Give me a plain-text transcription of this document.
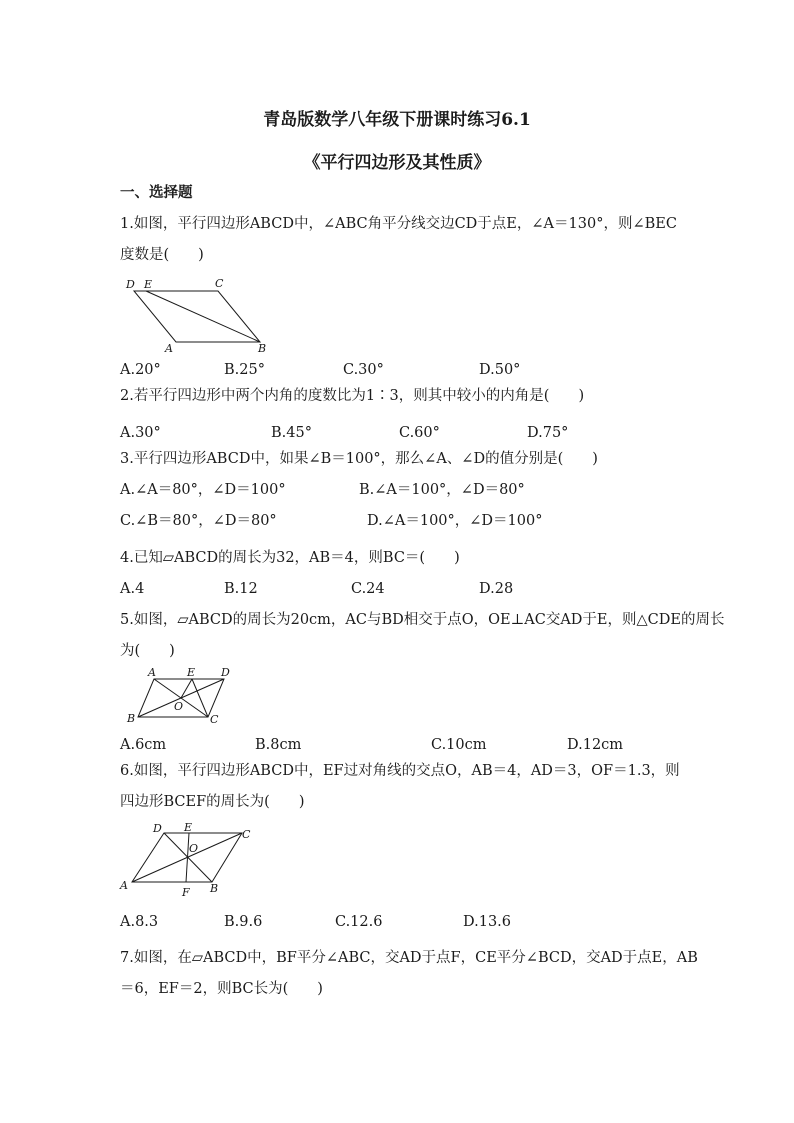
青岛版数学八年级下册课时练习6.1
《平行四边形及其性质》
一、选择题
1.如图，平行四边形ABCD中，∠ABC角平分线交边CD于点E，∠A＝130°，则∠BEC
度数是(　　)
D E	C
A	B
A.20°	B.25°	C.30°	D.50°
2.若平行四边形中两个内角的度数比为1∶3，则其中较小的内角是(　　)
A.30°	B.45°	C.60°	D.75°
3.平行四边形ABCD中，如果∠B＝100°，那么∠A、∠D的值分别是(　　)
A.∠A＝80°，∠D＝100°	B.∠A＝100°，∠D＝80°
C.∠B＝80°，∠D＝80°	D.∠A＝100°，∠D＝100°
4.已知▱ABCD的周长为32，AB＝4，则BC＝(　　)
A.4	B.12	C.24	D.28
5.如图，▱ABCD的周长为20cm，AC与BD相交于点O，OE⊥AC交AD于E，则△CDE的周长
为(　　)
A	E D
O
B	C
A.6cm	B.8cm	C.10cm	D.12cm
6.如图，平行四边形ABCD中，EF过对角线的交点O，AB＝4，AD＝3，OF＝1.3，则
四边形BCEF的周长为(　　)
D E
C
O
A
F B
A.8.3	B.9.6	C.12.6	D.13.6
7.如图，在▱ABCD中，BF平分∠ABC，交AD于点F，CE平分∠BCD，交AD于点E，AB
＝6，EF＝2，则BC长为(　　)
